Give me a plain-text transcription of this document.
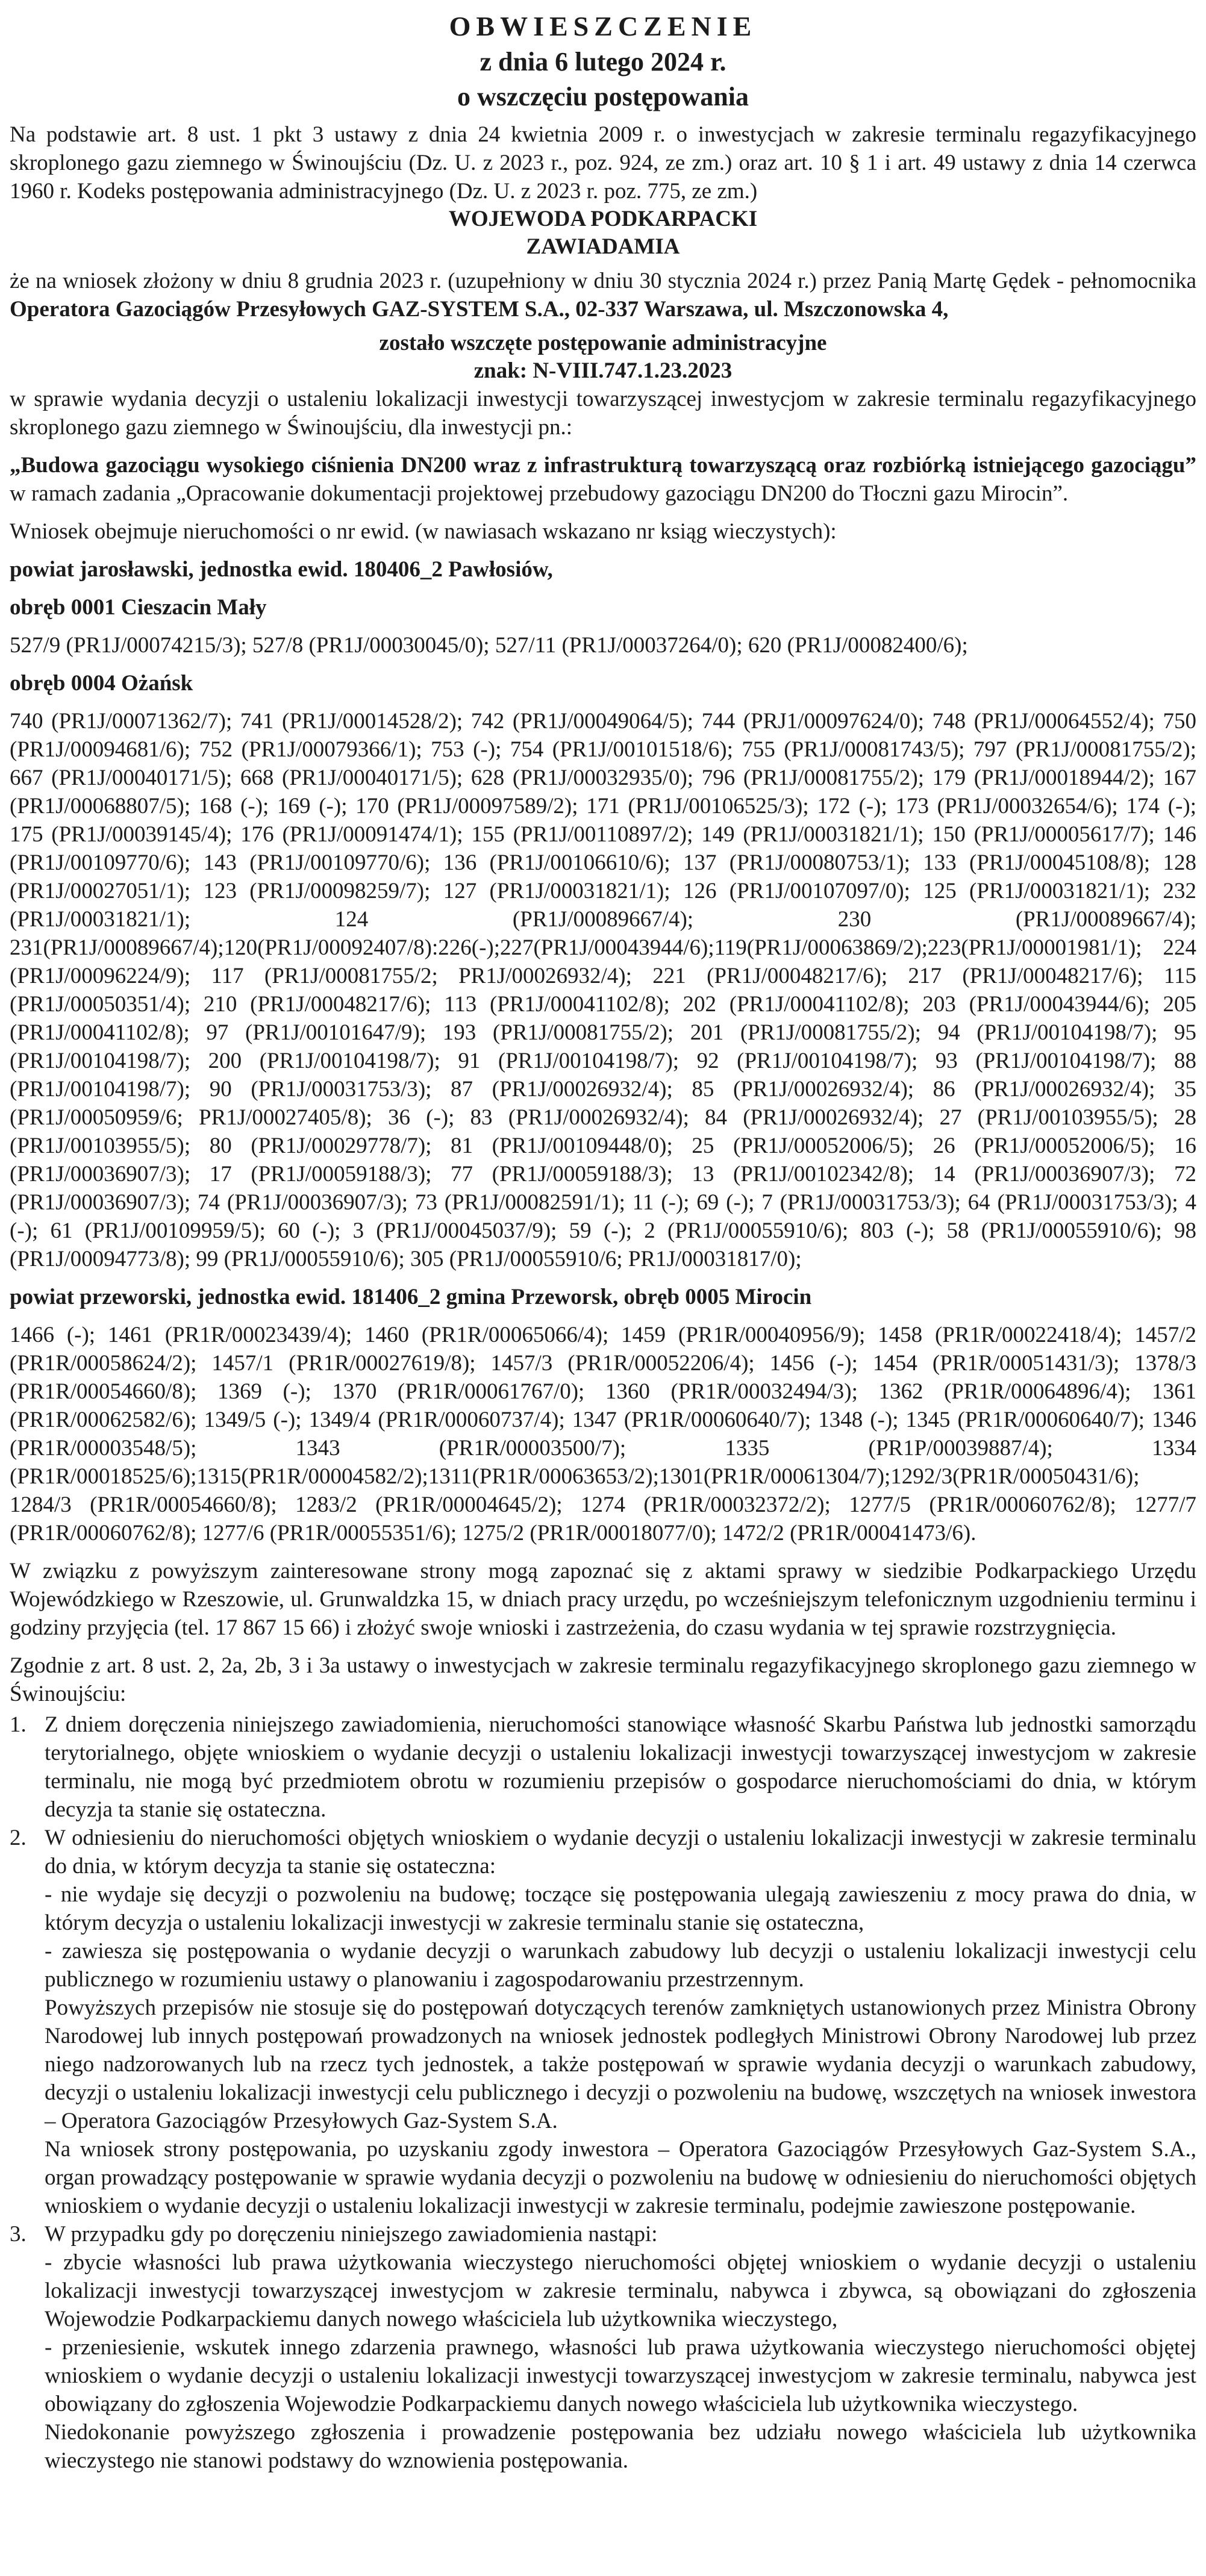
OBWIESZCZENIE

z dnia 6 lutego 2024 r.

o wszczęciu postępowania

Na podstawie art. 8 ust. 1 pkt 3 ustawy z dnia 24 kwietnia 2009 r. o inwestycjach w zakresie terminalu regazyfikacyjnego skroplonego gazu ziemnego w Świnoujściu (Dz. U. z 2023 r., poz. 924, ze zm.) oraz art. 10 § 1 i art. 49 ustawy z dnia 14 czerwca 1960 r. Kodeks postępowania administracyjnego (Dz. U. z 2023 r. poz. 775, ze zm.)

WOJEWODA PODKARPACKI

ZAWIADAMIA

że na wniosek złożony w dniu 8 grudnia 2023 r. (uzupełniony w dniu 30 stycznia 2024 r.) przez Panią Martę Gędek - pełnomocnika Operatora Gazociągów Przesyłowych GAZ-SYSTEM S.A., 02-337 Warszawa, ul. Mszczonowska 4,

zostało wszczęte postępowanie administracyjne

znak: N-VIII.747.1.23.2023

w sprawie wydania decyzji o ustaleniu lokalizacji inwestycji towarzyszącej inwestycjom w zakresie terminalu regazyfikacyjnego skroplonego gazu ziemnego w Świnoujściu, dla inwestycji pn.:

„Budowa gazociągu wysokiego ciśnienia DN200 wraz z infrastrukturą towarzyszącą oraz rozbiórką istniejącego gazociągu” w ramach zadania „Opracowanie dokumentacji projektowej przebudowy gazociągu DN200 do Tłoczni gazu Mirocin”.

Wniosek obejmuje nieruchomości o nr ewid. (w nawiasach wskazano nr ksiąg wieczystych):

powiat jarosławski, jednostka ewid. 180406_2 Pawłosiów,

obręb 0001 Cieszacin Mały

527/9 (PR1J/00074215/3); 527/8 (PR1J/00030045/0); 527/11 (PR1J/00037264/0); 620 (PR1J/00082400/6);

obręb 0004 Ożańsk

740 (PR1J/00071362/7); 741 (PR1J/00014528/2); 742 (PR1J/00049064/5); 744 (PRJ1/00097624/0); 748 (PR1J/00064552/4); 750 (PR1J/00094681/6); 752 (PR1J/00079366/1); 753 (-); 754 (PR1J/00101518/6); 755 (PR1J/00081743/5); 797 (PR1J/00081755/2); 667 (PR1J/00040171/5); 668 (PR1J/00040171/5); 628 (PR1J/00032935/0); 796 (PR1J/00081755/2); 179 (PR1J/00018944/2); 167 (PR1J/00068807/5); 168 (-); 169 (-); 170 (PR1J/00097589/2); 171 (PR1J/00106525/3); 172 (-); 173 (PR1J/00032654/6); 174 (-); 175 (PR1J/00039145/4); 176 (PR1J/00091474/1); 155 (PR1J/00110897/2); 149 (PR1J/00031821/1); 150 (PR1J/00005617/7); 146 (PR1J/00109770/6); 143 (PR1J/00109770/6); 136 (PR1J/00106610/6); 137 (PR1J/00080753/1); 133 (PR1J/00045108/8); 128 (PR1J/00027051/1); 123 (PR1J/00098259/7); 127 (PR1J/00031821/1); 126 (PR1J/00107097/0); 125 (PR1J/00031821/1); 232 (PR1J/00031821/1); 124 (PR1J/00089667/4); 230 (PR1J/00089667/4); 231(PR1J/00089667/4);120(PR1J/00092407/8):226(-);227(PR1J/00043944/6);119(PR1J/00063869/2);223(PR1J/00001981/1); 224 (PR1J/00096224/9); 117 (PR1J/00081755/2; PR1J/00026932/4); 221 (PR1J/00048217/6); 217 (PR1J/00048217/6); 115 (PR1J/00050351/4); 210 (PR1J/00048217/6); 113 (PR1J/00041102/8); 202 (PR1J/00041102/8); 203 (PR1J/00043944/6); 205 (PR1J/00041102/8); 97 (PR1J/00101647/9); 193 (PR1J/00081755/2); 201 (PR1J/00081755/2); 94 (PR1J/00104198/7); 95 (PR1J/00104198/7); 200 (PR1J/00104198/7); 91 (PR1J/00104198/7); 92 (PR1J/00104198/7); 93 (PR1J/00104198/7); 88 (PR1J/00104198/7); 90 (PR1J/00031753/3); 87 (PR1J/00026932/4); 85 (PR1J/00026932/4); 86 (PR1J/00026932/4); 35 (PR1J/00050959/6; PR1J/00027405/8); 36 (-); 83 (PR1J/00026932/4); 84 (PR1J/00026932/4); 27 (PR1J/00103955/5); 28 (PR1J/00103955/5); 80 (PR1J/00029778/7); 81 (PR1J/00109448/0); 25 (PR1J/00052006/5); 26 (PR1J/00052006/5); 16 (PR1J/00036907/3); 17 (PR1J/00059188/3); 77 (PR1J/00059188/3); 13 (PR1J/00102342/8); 14 (PR1J/00036907/3); 72 (PR1J/00036907/3); 74 (PR1J/00036907/3); 73 (PR1J/00082591/1); 11 (-); 69 (-); 7 (PR1J/00031753/3); 64 (PR1J/00031753/3); 4 (-); 61 (PR1J/00109959/5); 60 (-); 3 (PR1J/00045037/9); 59 (-); 2 (PR1J/00055910/6); 803 (-); 58 (PR1J/00055910/6); 98 (PR1J/00094773/8); 99 (PR1J/00055910/6); 305 (PR1J/00055910/6; PR1J/00031817/0);

powiat przeworski, jednostka ewid. 181406_2 gmina Przeworsk, obręb 0005 Mirocin

1466 (-); 1461 (PR1R/00023439/4); 1460 (PR1R/00065066/4); 1459 (PR1R/00040956/9); 1458 (PR1R/00022418/4); 1457/2 (PR1R/00058624/2); 1457/1 (PR1R/00027619/8); 1457/3 (PR1R/00052206/4); 1456 (-); 1454 (PR1R/00051431/3); 1378/3 (PR1R/00054660/8); 1369 (-); 1370 (PR1R/00061767/0); 1360 (PR1R/00032494/3); 1362 (PR1R/00064896/4); 1361 (PR1R/00062582/6); 1349/5 (-); 1349/4 (PR1R/00060737/4); 1347 (PR1R/00060640/7); 1348 (-); 1345 (PR1R/00060640/7); 1346 (PR1R/00003548/5); 1343 (PR1R/00003500/7); 1335 (PR1P/00039887/4); 1334 (PR1R/00018525/6);1315(PR1R/00004582/2);1311(PR1R/00063653/2);1301(PR1R/00061304/7);1292/3(PR1R/00050431/6); 1284/3 (PR1R/00054660/8); 1283/2 (PR1R/00004645/2); 1274 (PR1R/00032372/2); 1277/5 (PR1R/00060762/8); 1277/7 (PR1R/00060762/8); 1277/6 (PR1R/00055351/6); 1275/2 (PR1R/00018077/0); 1472/2 (PR1R/00041473/6).

W związku z powyższym zainteresowane strony mogą zapoznać się z aktami sprawy w siedzibie Podkarpackiego Urzędu Wojewódzkiego w Rzeszowie, ul. Grunwaldzka 15, w dniach pracy urzędu, po wcześniejszym telefonicznym uzgodnieniu terminu i godziny przyjęcia (tel. 17 867 15 66) i złożyć swoje wnioski i zastrzeżenia, do czasu wydania w tej sprawie rozstrzygnięcia.

Zgodnie z art. 8 ust. 2, 2a, 2b, 3 i 3a ustawy o inwestycjach w zakresie terminalu regazyfikacyjnego skroplonego gazu ziemnego w Świnoujściu:

1. Z dniem doręczenia niniejszego zawiadomienia, nieruchomości stanowiące własność Skarbu Państwa lub jednostki samorządu terytorialnego, objęte wnioskiem o wydanie decyzji o ustaleniu lokalizacji inwestycji towarzyszącej inwestycjom w zakresie terminalu, nie mogą być przedmiotem obrotu w rozumieniu przepisów o gospodarce nieruchomościami do dnia, w którym decyzja ta stanie się ostateczna.

2. W odniesieniu do nieruchomości objętych wnioskiem o wydanie decyzji o ustaleniu lokalizacji inwestycji w zakresie terminalu do dnia, w którym decyzja ta stanie się ostateczna:

- nie wydaje się decyzji o pozwoleniu na budowę; toczące się postępowania ulegają zawieszeniu z mocy prawa do dnia, w którym decyzja o ustaleniu lokalizacji inwestycji w zakresie terminalu stanie się ostateczna,

- zawiesza się postępowania o wydanie decyzji o warunkach zabudowy lub decyzji o ustaleniu lokalizacji inwestycji celu publicznego w rozumieniu ustawy o planowaniu i zagospodarowaniu przestrzennym.

Powyższych przepisów nie stosuje się do postępowań dotyczących terenów zamkniętych ustanowionych przez Ministra Obrony Narodowej lub innych postępowań prowadzonych na wniosek jednostek podległych Ministrowi Obrony Narodowej lub przez niego nadzorowanych lub na rzecz tych jednostek, a także postępowań w sprawie wydania decyzji o warunkach zabudowy, decyzji o ustaleniu lokalizacji inwestycji celu publicznego i decyzji o pozwoleniu na budowę, wszczętych na wniosek inwestora – Operatora Gazociągów Przesyłowych Gaz-System S.A.

Na wniosek strony postępowania, po uzyskaniu zgody inwestora – Operatora Gazociągów Przesyłowych Gaz-System S.A., organ prowadzący postępowanie w sprawie wydania decyzji o pozwoleniu na budowę w odniesieniu do nieruchomości objętych wnioskiem o wydanie decyzji o ustaleniu lokalizacji inwestycji w zakresie terminalu, podejmie zawieszone postępowanie.

3. W przypadku gdy po doręczeniu niniejszego zawiadomienia nastąpi:

- zbycie własności lub prawa użytkowania wieczystego nieruchomości objętej wnioskiem o wydanie decyzji o ustaleniu lokalizacji inwestycji towarzyszącej inwestycjom w zakresie terminalu, nabywca i zbywca, są obowiązani do zgłoszenia Wojewodzie Podkarpackiemu danych nowego właściciela lub użytkownika wieczystego,

- przeniesienie, wskutek innego zdarzenia prawnego, własności lub prawa użytkowania wieczystego nieruchomości objętej wnioskiem o wydanie decyzji o ustaleniu lokalizacji inwestycji towarzyszącej inwestycjom w zakresie terminalu, nabywca jest obowiązany do zgłoszenia Wojewodzie Podkarpackiemu danych nowego właściciela lub użytkownika wieczystego.

Niedokonanie powyższego zgłoszenia i prowadzenie postępowania bez udziału nowego właściciela lub użytkownika wieczystego nie stanowi podstawy do wznowienia postępowania.
